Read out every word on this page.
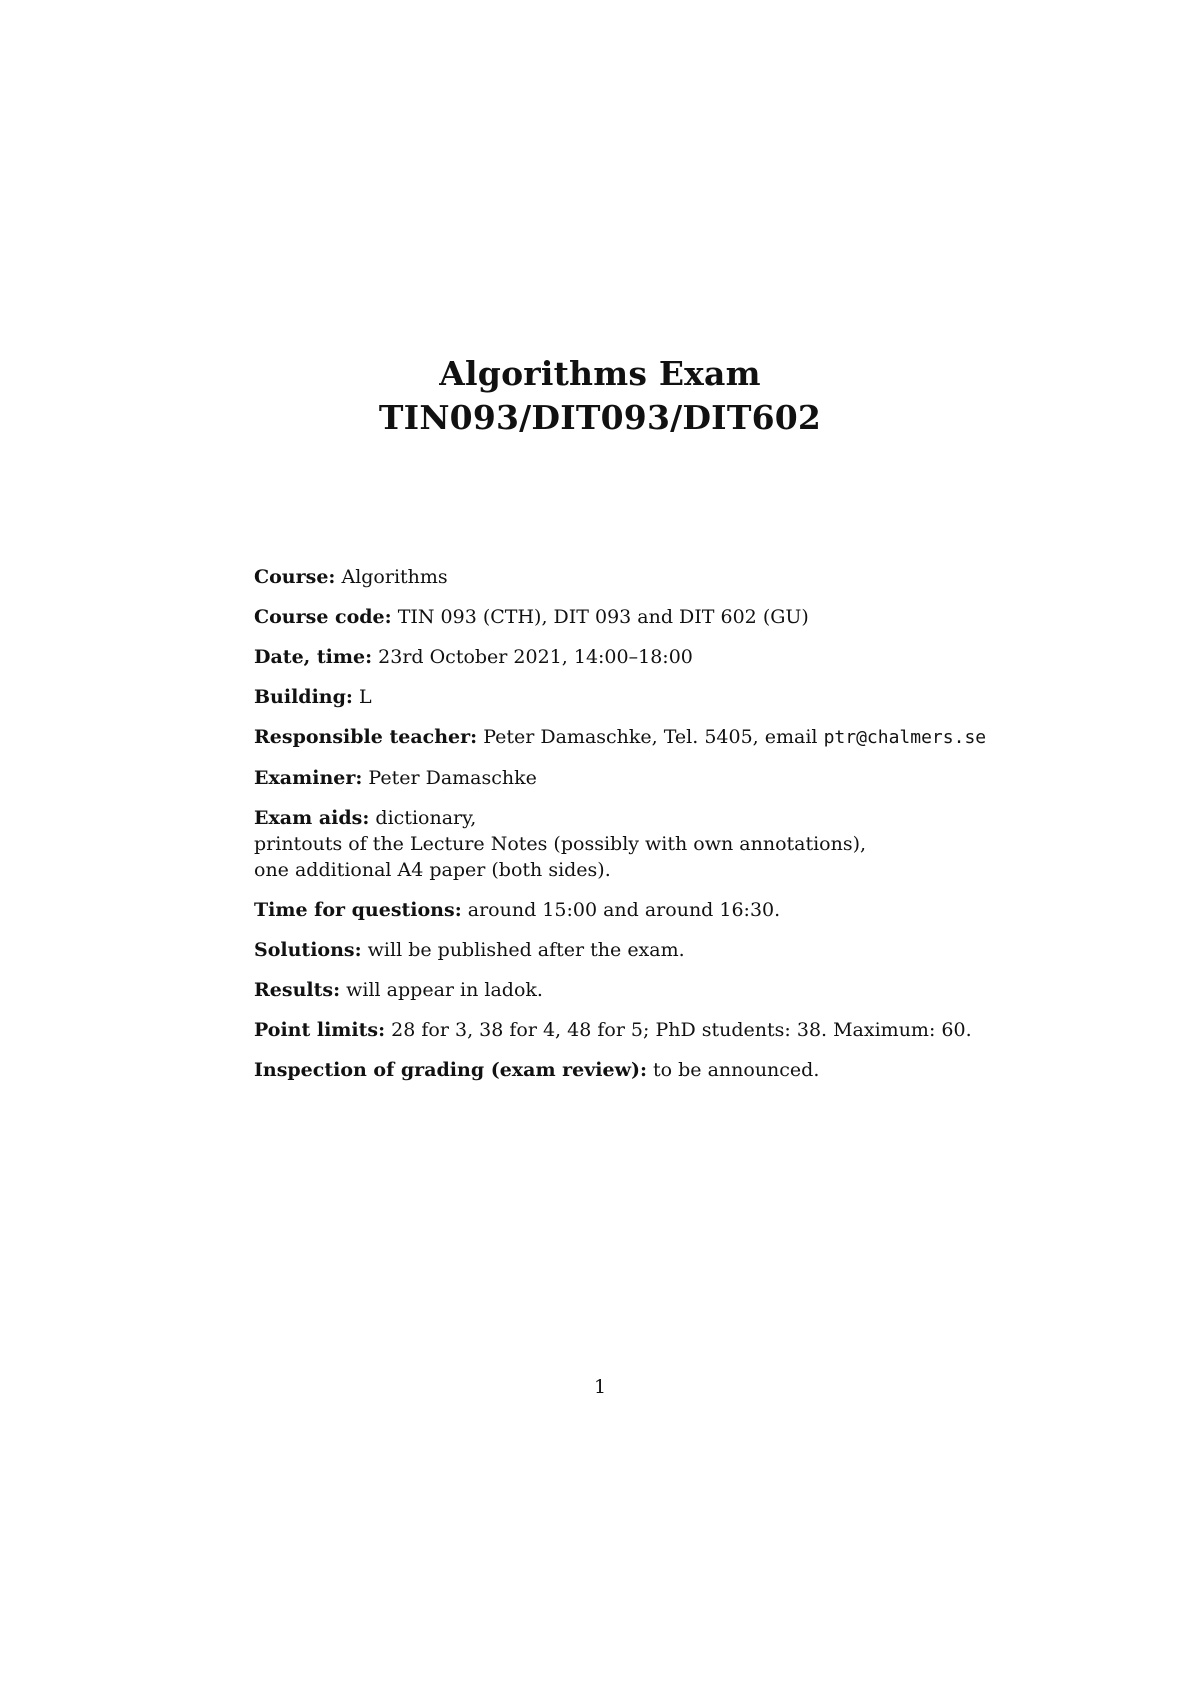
Algorithms Exam
TIN093/DIT093/DIT602
Course: Algorithms
Course code: TIN 093 (CTH), DIT 093 and DIT 602 (GU)
Date, time: 23rd October 2021, 14:00–18:00
Building: L
Responsible teacher: Peter Damaschke, Tel. 5405, email ptr@chalmers.se
Examiner: Peter Damaschke
Exam aids: dictionary,
printouts of the Lecture Notes (possibly with own annotations),
one additional A4 paper (both sides).
Time for questions: around 15:00 and around 16:30.
Solutions: will be published after the exam.
Results: will appear in ladok.
Point limits: 28 for 3, 38 for 4, 48 for 5; PhD students: 38. Maximum: 60.
Inspection of grading (exam review): to be announced.
1
